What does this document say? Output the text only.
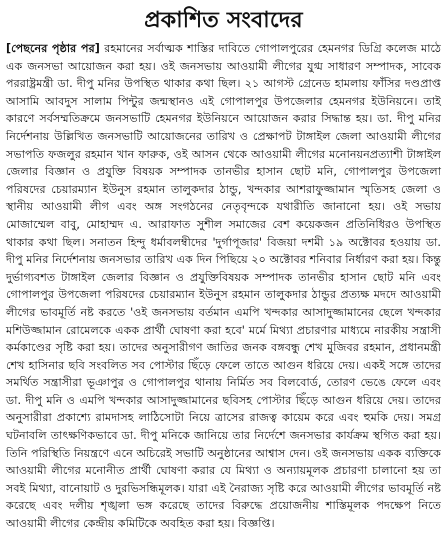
প্রকাশিত সংবাদের

[পেছনের পৃষ্ঠার পর] রহমানের সর্বাত্মক শাস্তির দাবিতে গোপালপুরের হেমনগর ডিগ্রি কলেজ মাঠে এক জনসভা আয়োজন করা হয়। ওই জনসভায় আওয়ামী লীগের যুগ্ম সাধারণ সম্পাদক, সাবেক পররাষ্ট্রমন্ত্রী ডা. দীপু মনির উপস্থিত থাকার কথা ছিল। ২১ আগস্ট গ্রেনেড হামলায় ফাঁসির দণ্ডপ্রাপ্ত আসামি আবদুস সালাম পিন্টুর জন্মস্থানও এই গোপালপুর উপজেলার হেমনগর ইউনিয়নে। তাই কারণে সর্বসম্মতিক্রমে জনসভাটি হেমনগর ইউনিয়নে আয়োজন করার সিদ্ধান্ত হয়। ডা. দীপু মনির নির্দেশনায় উল্লিখিত জনসভাটি আয়োজনের তারিখ ও প্রেক্ষাপট টাঙ্গাইল জেলা আওয়ামী লীগের সভাপতি ফজলুর রহমান খান ফারুক, ওই আসন থেকে আওয়ামী লীগের মনোনয়নপ্রত্যাশী টাঙ্গাইল জেলার বিজ্ঞান ও প্রযুক্তি বিষয়ক সম্পাদক তানভীর হাসান ছোট মনি, গোপালপুর উপজেলা পরিষদের চেয়ারম্যান ইউনুস রহমান তালুকদার ঠান্ডু, খন্দকার আশরাফুজ্জামান স্মৃতিসহ জেলা ও স্থানীয় আওয়ামী লীগ এবং অঙ্গ সংগঠনের নেতৃবৃন্দকে যথারীতি জানানো হয়। ওই সভায় মোজাম্মেল বাবু, মোহাম্মদ এ. আরাফাত সুশীল সমাজের বেশ কয়েকজন প্রতিনিধিরও উপস্থিত থাকার কথা ছিল। সনাতন হিন্দু ধর্মাবলম্বীদের 'দুর্গাপূজার' বিজয়া দশমী ১৯ অক্টোবর হওয়ায় ডা. দীপু মনির নির্দেশনায় জনসভার তারিখ এক দিন পিছিয়ে ২০ অক্টোবর শনিবার নির্ধারণ করা হয়। কিন্তু দুর্ভাগ্যবশত টাঙ্গাইল জেলার বিজ্ঞান ও প্রযুক্তিবিষয়ক সম্পাদক তানভীর হাসান ছোট মনি এবং গোপালপুর উপজেলা পরিষদের চেয়ারম্যান ইউনুস রহমান তালুকদার ঠান্ডুর প্রত্যক্ষ মদদে আওয়ামী লীগের ভাবমূর্তি নষ্ট করতে 'ওই জনসভায় বর্তমান এমপি খন্দকার আসাদুজ্জামানের ছেলে খন্দকার মশিউজ্জামান রোমেলকে একক প্রার্থী ঘোষণা করা হবে' মর্মে মিথ্যা প্রচারণার মাধ্যমে নারকীয় সন্ত্রাসী কর্মকাণ্ডের সৃষ্টি করা হয়। তাদের অনুসারীগণ জাতির জনক বঙ্গবন্ধু শেখ মুজিবর রহমান, প্রধানমন্ত্রী শেখ হাসিনার ছবি সংবলিত সব পোস্টার ছিঁড়ে ফেলে তাতে আগুন ধরিয়ে দেয়। একই সঙ্গে তাদের সমর্থিত সন্ত্রাসীরা ভূঞাপুর ও গোপালপুর থানায় নির্মিত সব বিলবোর্ড, তোরণ ভেঙে ফেলে এবং ডা. দীপু মনি ও এমপি খন্দকার আসাদুজ্জামানের ছবিসহ পোস্টার ছিঁড়ে আগুন ধরিয়ে দেয়। তাদের অনুসারীরা প্রকাশ্যে রামদাসহ লাঠিসোটা নিয়ে ত্রাসের রাজত্ব কায়েম করে এবং হুমকি দেয়। সমগ্র ঘটনাবলি তাৎক্ষণিকভাবে ডা. দীপু মনিকে জানিয়ে তার নির্দেশে জনসভার কার্যক্রম স্থগিত করা হয়। তিনি পরিস্থিতি নিয়ন্ত্রণে এনে অচিরেই সভাটি অনুষ্ঠানের আশ্বাস দেন। ওই জনসভায় একক ব্যক্তিকে আওয়ামী লীগের মনোনীত প্রার্থী ঘোষণা করার যে মিথ্যা ও অন্যায়মূলক প্রচারণা চালানো হয় তা সবই মিথ্যা, বানোয়াট ও দুরভিসন্ধিমূলক। যারা এই নৈরাজ্য সৃষ্টি করে আওয়ামী লীগের ভাবমূর্তি নষ্ট করেছে এবং দলীয় শৃঙ্খলা ভঙ্গ করেছে তাদের বিরুদ্ধে প্রয়োজনীয় শাস্তিমূলক পদক্ষেপ নিতে আওয়ামী লীগের কেন্দ্রীয় কমিটিকে অবহিত করা হয়। বিজ্ঞপ্তি।
